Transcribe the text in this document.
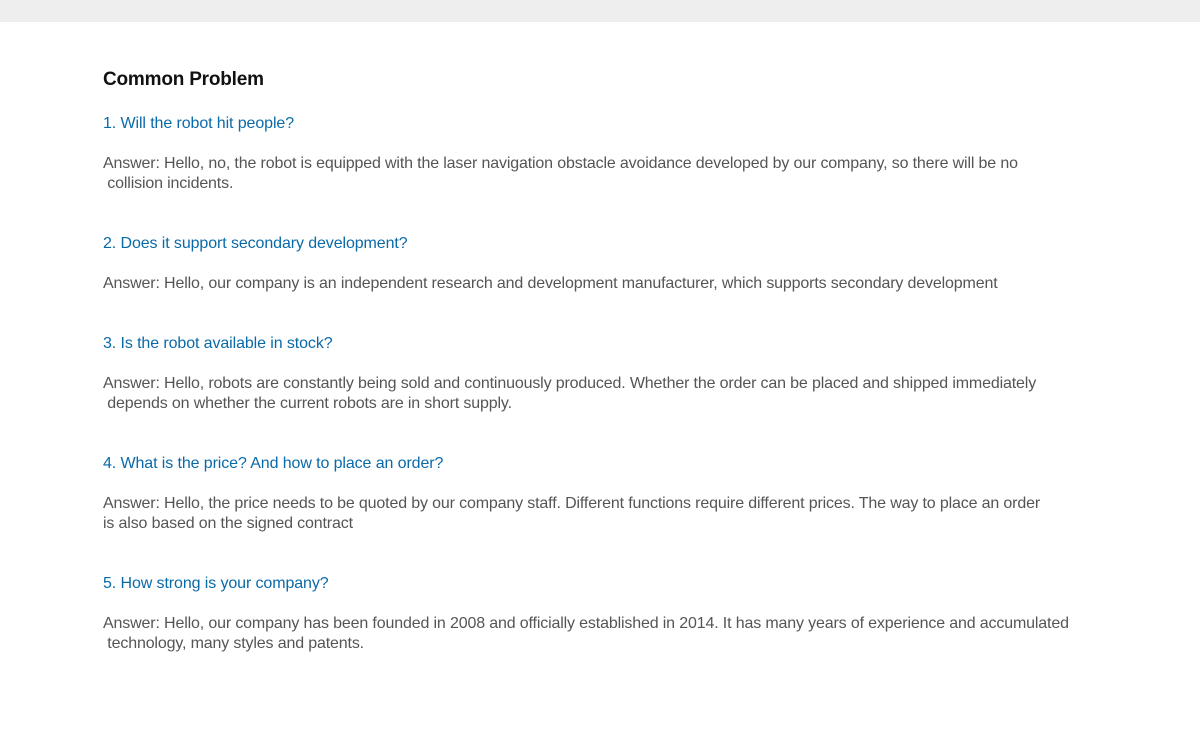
Common Problem

1. Will the robot hit people?

Answer: Hello, no, the robot is equipped with the laser navigation obstacle avoidance developed by our company, so there will be no
collision incidents.

2. Does it support secondary development?

Answer: Hello, our company is an independent research and development manufacturer, which supports secondary development

3. Is the robot available in stock?

Answer: Hello, robots are constantly being sold and continuously produced. Whether the order can be placed and shipped immediately
depends on whether the current robots are in short supply.

4. What is the price? And how to place an order?

Answer: Hello, the price needs to be quoted by our company staff. Different functions require different prices. The way to place an order
is also based on the signed contract

5. How strong is your company?

Answer: Hello, our company has been founded in 2008 and officially established in 2014. It has many years of experience and accumulated
technology, many styles and patents.
